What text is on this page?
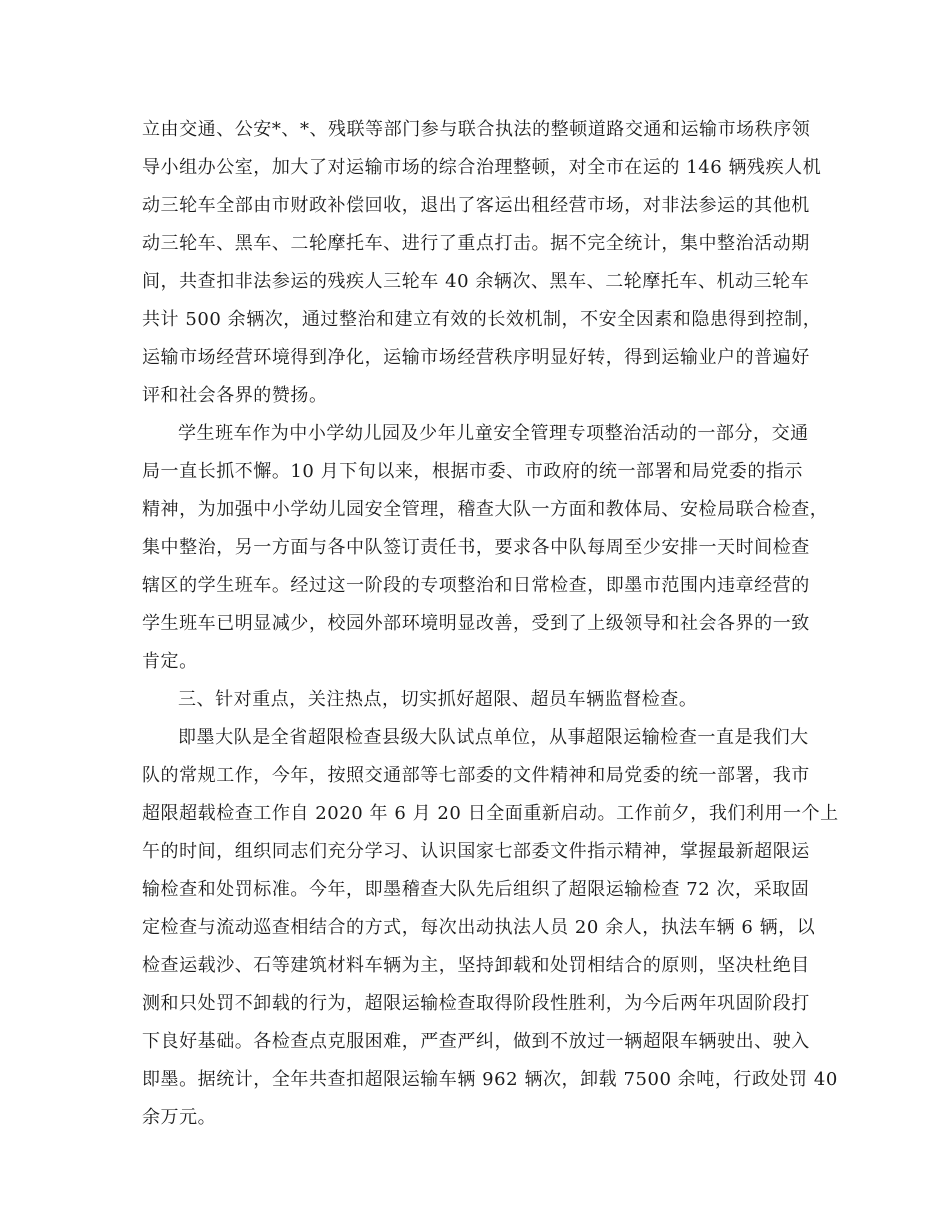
立由交通、公安*、*、残联等部门参与联合执法的整顿道路交通和运输市场秩序领
导小组办公室，加大了对运输市场的综合治理整顿，对全市在运的 146 辆残疾人机
动三轮车全部由市财政补偿回收，退出了客运出租经营市场，对非法参运的其他机
动三轮车、黑车、二轮摩托车、进行了重点打击。据不完全统计，集中整治活动期
间，共查扣非法参运的残疾人三轮车 40 余辆次、黑车、二轮摩托车、机动三轮车
共计 500 余辆次，通过整治和建立有效的长效机制，不安全因素和隐患得到控制，
运输市场经营环境得到净化，运输市场经营秩序明显好转，得到运输业户的普遍好
评和社会各界的赞扬。
学生班车作为中小学幼儿园及少年儿童安全管理专项整治活动的一部分，交通
局一直长抓不懈。10 月下旬以来，根据市委、市政府的统一部署和局党委的指示
精神，为加强中小学幼儿园安全管理，稽查大队一方面和教体局、安检局联合检查，
集中整治，另一方面与各中队签订责任书，要求各中队每周至少安排一天时间检查
辖区的学生班车。经过这一阶段的专项整治和日常检查，即墨市范围内违章经营的
学生班车已明显减少，校园外部环境明显改善，受到了上级领导和社会各界的一致
肯定。
三、针对重点，关注热点，切实抓好超限、超员车辆监督检查。
即墨大队是全省超限检查县级大队试点单位，从事超限运输检查一直是我们大
队的常规工作，今年，按照交通部等七部委的文件精神和局党委的统一部署，我市
超限超载检查工作自 2020 年 6 月 20 日全面重新启动。工作前夕，我们利用一个上
午的时间，组织同志们充分学习、认识国家七部委文件指示精神，掌握最新超限运
输检查和处罚标准。今年，即墨稽查大队先后组织了超限运输检查 72 次，采取固
定检查与流动巡查相结合的方式，每次出动执法人员 20 余人，执法车辆 6 辆，以
检查运载沙、石等建筑材料车辆为主，坚持卸载和处罚相结合的原则，坚决杜绝目
测和只处罚不卸载的行为，超限运输检查取得阶段性胜利，为今后两年巩固阶段打
下良好基础。各检查点克服困难，严查严纠，做到不放过一辆超限车辆驶出、驶入
即墨。据统计，全年共查扣超限运输车辆 962 辆次，卸载 7500 余吨，行政处罚 40
余万元。
